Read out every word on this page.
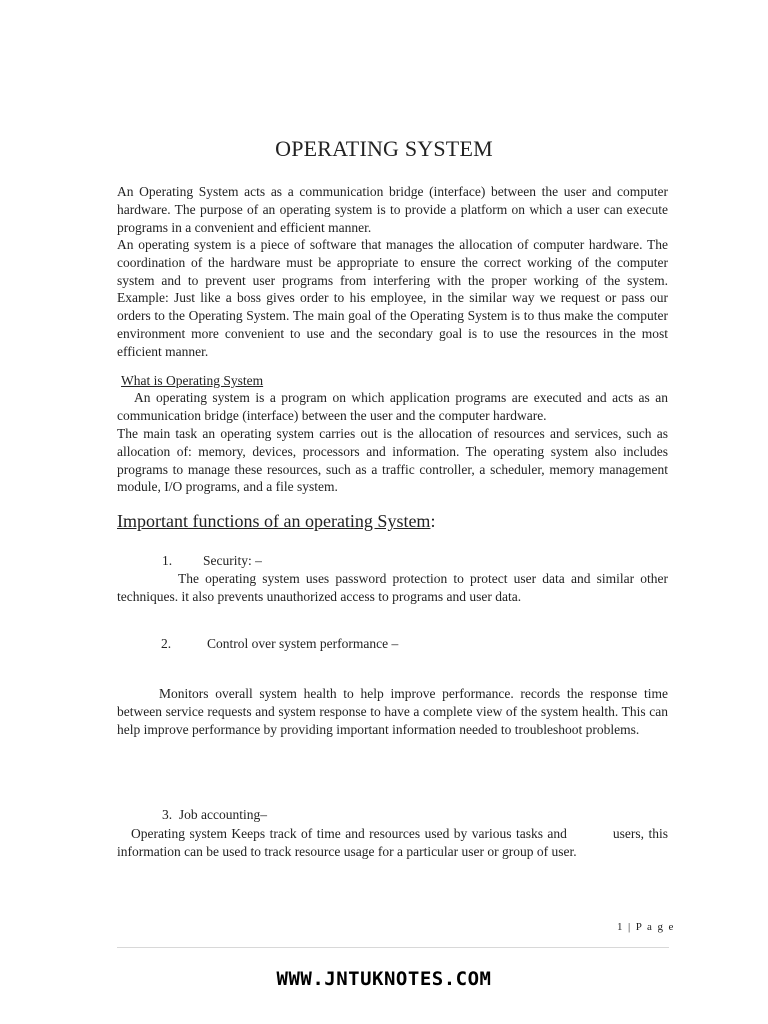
OPERATING SYSTEM

An Operating System acts as a communication bridge (interface) between the user and computer hardware. The purpose of an operating system is to provide a platform on which a user can execute programs in a convenient and efficient manner.

An operating system is a piece of software that manages the allocation of computer hardware. The coordination of the hardware must be appropriate to ensure the correct working of the computer system and to prevent user programs from interfering with the proper working of the system. Example: Just like a boss gives order to his employee, in the similar way we request or pass our orders to the Operating System. The main goal of the Operating System is to thus make the computer environment more convenient to use and the secondary goal is to use the resources in the most efficient manner.

What is Operating System

An operating system is a program on which application programs are executed and acts as an communication bridge (interface) between the user and the computer hardware.

The main task an operating system carries out is the allocation of resources and services, such as allocation of: memory, devices, processors and information. The operating system also includes programs to manage these resources, such as a traffic controller, a scheduler, memory management module, I/O programs, and a file system.

Important functions of an operating System:
1. Security: –

The operating system uses password protection to protect user data and similar other techniques. it also prevents unauthorized access to programs and user data.

2.	Control over system performance –

Monitors overall system health to help improve performance. records the response time between service requests and system response to have a complete view of the system health. This can help improve performance by providing important information needed to troubleshoot problems.

3. Job accounting–

Operating system Keeps track of time and resources used by various tasks and	users, this information can be used to track resource usage for a particular user or group of user.

1 | P a g e
WWW.JNTUKNOTES.COM
